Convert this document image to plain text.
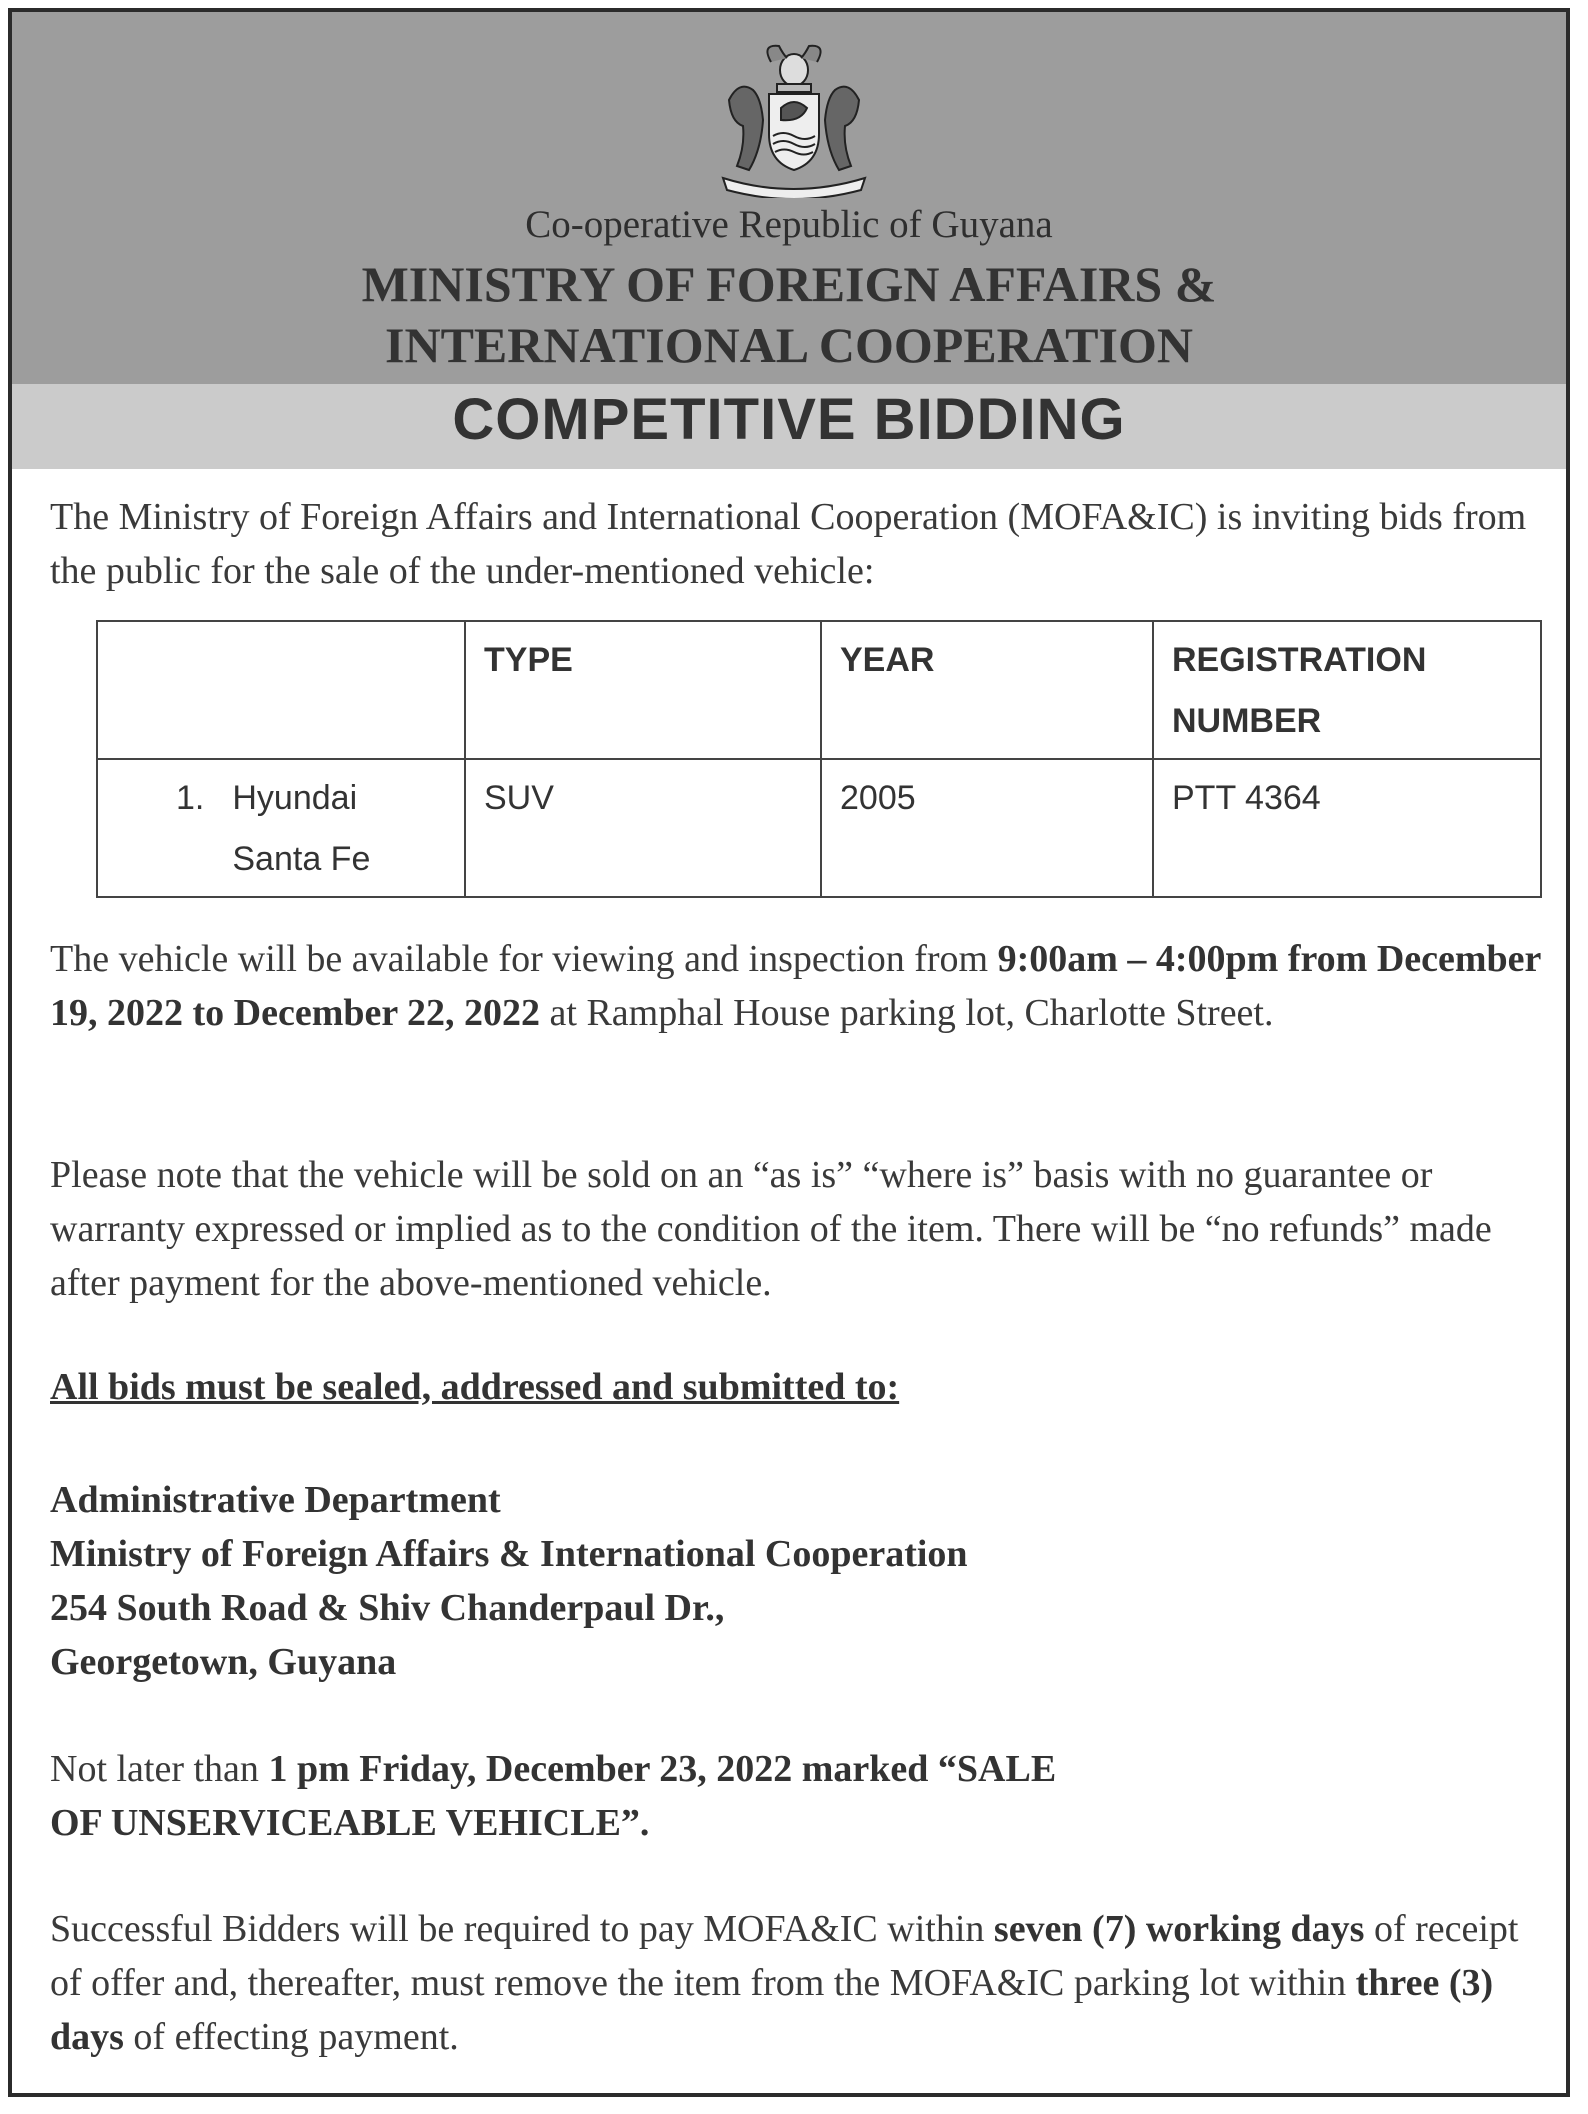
Co-operative Republic of Guyana
MINISTRY OF FOREIGN AFFAIRS &
INTERNATIONAL COOPERATION
COMPETITIVE BIDDING
The Ministry of Foreign Affairs and International Cooperation (MOFA&IC) is inviting bids from the public for the sale of the under-mentioned vehicle:
	TYPE	YEAR	REGISTRATION NUMBER

1. Hyundai Santa Fe	SUV	2005	PTT 4364
The vehicle will be available for viewing and inspection from 9:00am – 4:00pm from December 19, 2022 to December 22, 2022 at Ramphal House parking lot, Charlotte Street.
Please note that the vehicle will be sold on an “as is” “where is” basis with no guarantee or warranty expressed or implied as to the condition of the item. There will be “no refunds” made after payment for the above-mentioned vehicle.
All bids must be sealed, addressed and submitted to:
Administrative Department
Ministry of Foreign Affairs & International Cooperation
254 South Road & Shiv Chanderpaul Dr.,
Georgetown, Guyana
Not later than 1 pm Friday, December 23, 2022 marked “SALE OF UNSERVICEABLE VEHICLE”.
Successful Bidders will be required to pay MOFA&IC within seven (7) working days of receipt of offer and, thereafter, must remove the item from the MOFA&IC parking lot within three (3) days of effecting payment.
